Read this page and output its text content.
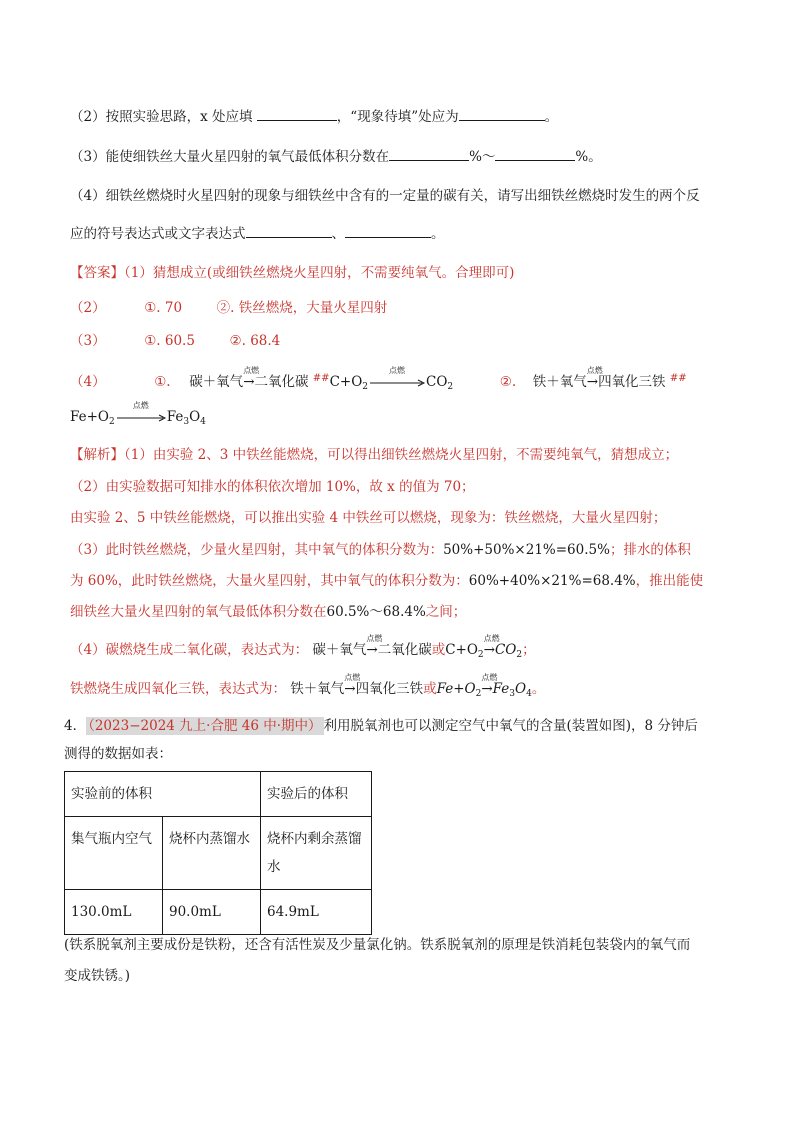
（2）按照实验思路，x 处应填	，“现象待填”处应为	。
（3）能使细铁丝大量火星四射的氧气最低体积分数在	%～	%。
（4）细铁丝燃烧时火星四射的现象与细铁丝中含有的一定量的碳有关，请写出细铁丝燃烧时发生的两个反
应的符号表达式或文字表达式	、	。
【答案】（1）猜想成立(或细铁丝燃烧火星四射，不需要纯氧气。合理即可)
（2）	①. 70	②. 铁丝燃烧，大量火星四射
（3）	①. 60.5	②. 68.4
（4）	①. 碳＋氧气
点燃
→二氧化碳 $^{\#\#}C+O_2$
点燃
$CO_2$	②. 铁＋氧气
点燃
→四氧化三铁 ##
$Fe+O_2$
点燃
$Fe_3O_4$
【解析】（1）由实验 2、3 中铁丝能燃烧，可以得出细铁丝燃烧火星四射，不需要纯氧气，猜想成立；
（2）由实验数据可知排水的体积依次增加 10%，故 x 的值为 70；
由实验 2、5 中铁丝能燃烧，可以推出实验 4 中铁丝可以燃烧，现象为：铁丝燃烧，大量火星四射；
（3）此时铁丝燃烧，少量火星四射，其中氧气的体积分数为：50%+50%×21%=60.5%；排水的体积
为 60%，此时铁丝燃烧，大量火星四射，其中氧气的体积分数为：60%+40%×21%=68.4%，推出能使
细铁丝大量火星四射的氧气最低体积分数在60.5%～68.4%之间；
（4）碳燃烧生成二氧化碳，表达式为： 碳＋氧气
点燃
→二氧化碳或$C+O_2$
点燃
$\to CO_2$；
铁燃烧生成四氧化三铁，表达式为： 铁＋氧气
点燃
→四氧化三铁或$Fe+O_2$
点燃
$\to Fe_3O_4$。
4． （2023−2024 九上·合肥 46 中·期中） 利用脱氧剂也可以测定空气中氧气的含量(装置如图)，8 分钟后
测得的数据如表：
实验前的体积		实验后的体积
集气瓶内空气	烧杯内蒸馏水	烧杯内剩余蒸馏水
130.0mL	90.0mL	64.9mL
(铁系脱氧剂主要成份是铁粉，还含有活性炭及少量氯化钠。铁系脱氧剂的原理是铁消耗包装袋内的氧气而
变成铁锈。)
